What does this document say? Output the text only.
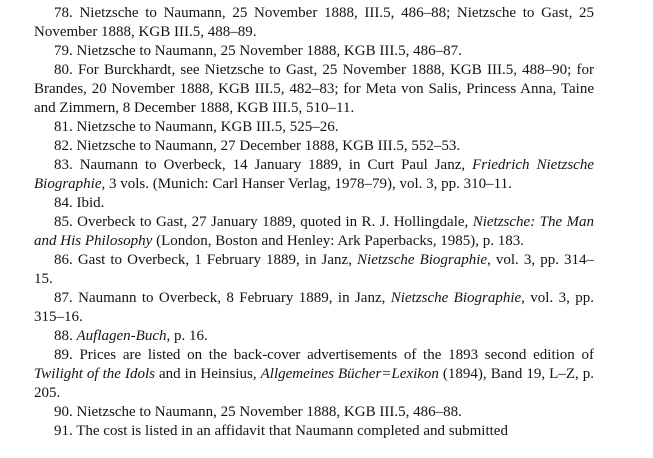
78. Nietzsche to Naumann, 25 November 1888, III.5, 486–88; Nietzsche to Gast, 25 November 1888, KGB III.5, 488–89.

79. Nietzsche to Naumann, 25 November 1888, KGB III.5, 486–87.

80. For Burckhardt, see Nietzsche to Gast, 25 November 1888, KGB III.5, 488–90; for Brandes, 20 November 1888, KGB III.5, 482–83; for Meta von Salis, Princess Anna, Taine and Zimmern, 8 December 1888, KGB III.5, 510–11.

81. Nietzsche to Naumann, KGB III.5, 525–26.

82. Nietzsche to Naumann, 27 December 1888, KGB III.5, 552–53.

83. Naumann to Overbeck, 14 January 1889, in Curt Paul Janz, Friedrich Nietzsche Biographie, 3 vols. (Munich: Carl Hanser Verlag, 1978–79), vol. 3, pp. 310–11.

84. Ibid.

85. Overbeck to Gast, 27 January 1889, quoted in R. J. Hollingdale, Nietzsche: The Man and His Philosophy (London, Boston and Henley: Ark Paperbacks, 1985), p. 183.

86. Gast to Overbeck, 1 February 1889, in Janz, Nietzsche Biographie, vol. 3, pp. 314–15.

87. Naumann to Overbeck, 8 February 1889, in Janz, Nietzsche Biographie, vol. 3, pp. 315–16.

88. Auflagen-Buch, p. 16.

89. Prices are listed on the back-cover advertisements of the 1893 second edition of Twilight of the Idols and in Heinsius, Allgemeines Bücher=Lexikon (1894), Band 19, L–Z, p. 205.

90. Nietzsche to Naumann, 25 November 1888, KGB III.5, 486–88.

91. The cost is listed in an affidavit that Naumann completed and submitted
